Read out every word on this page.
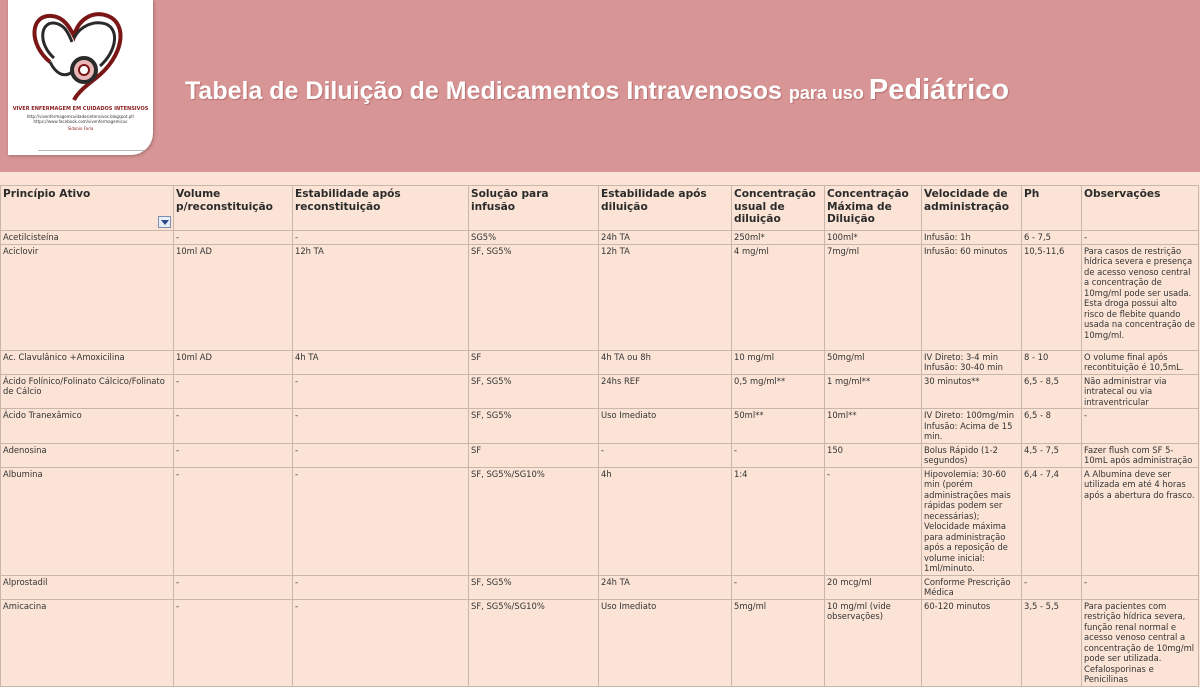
VIVER ENFERMAGEM EM CUIDADOS INTENSIVOS
http://vivenfermagemcuidadosintensivos.blogspot.pt/
https://www.facebook.com/vivenfermagemicus
Sidonio Faria
Tabela de Diluição de Medicamentos Intravenosos para uso Pediátrico
Princípio Ativo	Volume p/reconstituição	Estabilidade após reconstituição	Solução para infusão	Estabilidade após diluição	Concentração usual de diluição	Concentração Máxima de Diluição	Velocidade de administração	Ph	Observações
Acetilcisteína	-	-	SG5%	24h TA	250ml*	100ml*	Infusão: 1h	6 - 7,5	-
Aciclovir	10ml AD	12h TA	SF, SG5%	12h TA	4 mg/ml	7mg/ml	Infusão: 60 minutos	10,5-11,6	Para casos de restrição hídrica severa e presença de acesso venoso central a concentração de 10mg/ml pode ser usada. Esta droga possui alto risco de flebite quando usada na concentração de 10mg/ml.
Ac. Clavulânico +Amoxicilina	10ml AD	4h TA	SF	4h TA ou 8h	10 mg/ml	50mg/ml	IV Direto: 3-4 min Infusão: 30-40 min	8 - 10	O volume final após recontituição é 10,5mL.
Ácido Folínico/Folinato Cálcico/Folinato de Cálcio	-	-	SF, SG5%	24hs REF	0,5 mg/ml**	1 mg/ml**	30 minutos**	6,5 - 8,5	Não administrar via intratecal ou via intraventricular
Ácido Tranexâmico	-	-	SF, SG5%	Uso Imediato	50ml**	10ml**	IV Direto: 100mg/min Infusão: Acima de 15 min.	6,5 - 8	-
Adenosina	-	-	SF	-	-	150	Bolus Rápido (1-2 segundos)	4,5 - 7,5	Fazer flush com SF 5-10mL após administração
Albumina	-	-	SF, SG5%/SG10%	4h	1:4	-	Hipovolemia: 30-60 min (porém administrações mais rápidas podem ser necessárias); Velocidade máxima para administração após a reposição de volume inicial: 1ml/minuto.	6,4 - 7,4	A Albumina deve ser utilizada em até 4 horas após a abertura do frasco.
Alprostadil	-	-	SF, SG5%	24h TA	-	20 mcg/ml	Conforme Prescrição Médica	-	-
Amicacina	-	-	SF, SG5%/SG10%	Uso Imediato	5mg/ml	10 mg/ml (vide observações)	60-120 minutos	3,5 - 5,5	Para pacientes com restrição hídrica severa, função renal normal e acesso venoso central a concentração de 10mg/ml pode ser utilizada. Cefalosporinas e Penicilinas
